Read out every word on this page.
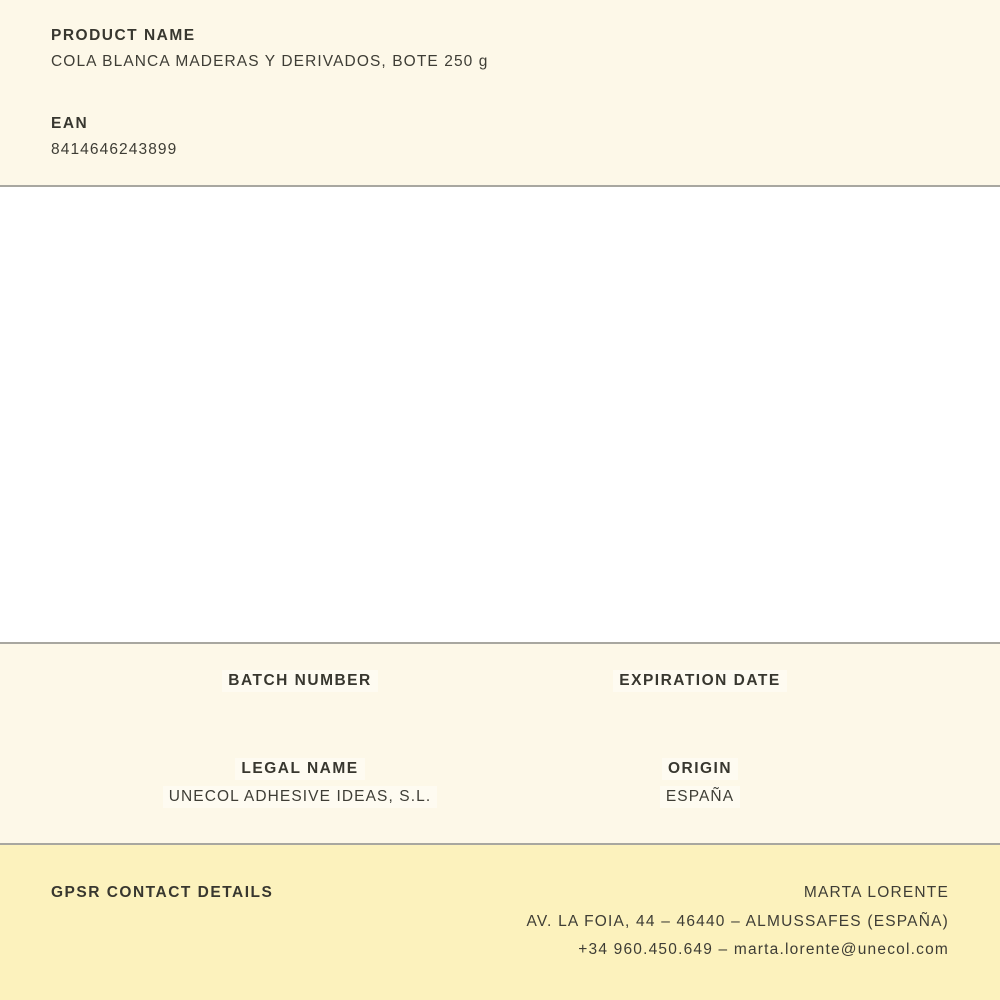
PRODUCT NAME
COLA BLANCA MADERAS Y DERIVADOS, BOTE 250 g
EAN
8414646243899
BATCH NUMBER	EXPIRATION DATE
LEGAL NAME
UNECOL ADHESIVE IDEAS, S.L.
ORIGIN
ESPAÑA
GPSR CONTACT DETAILS	MARTA LORENTE
AV. LA FOIA, 44 – 46440 – ALMUSSAFES (ESPAÑA)
+34 960.450.649 – marta.lorente@unecol.com
